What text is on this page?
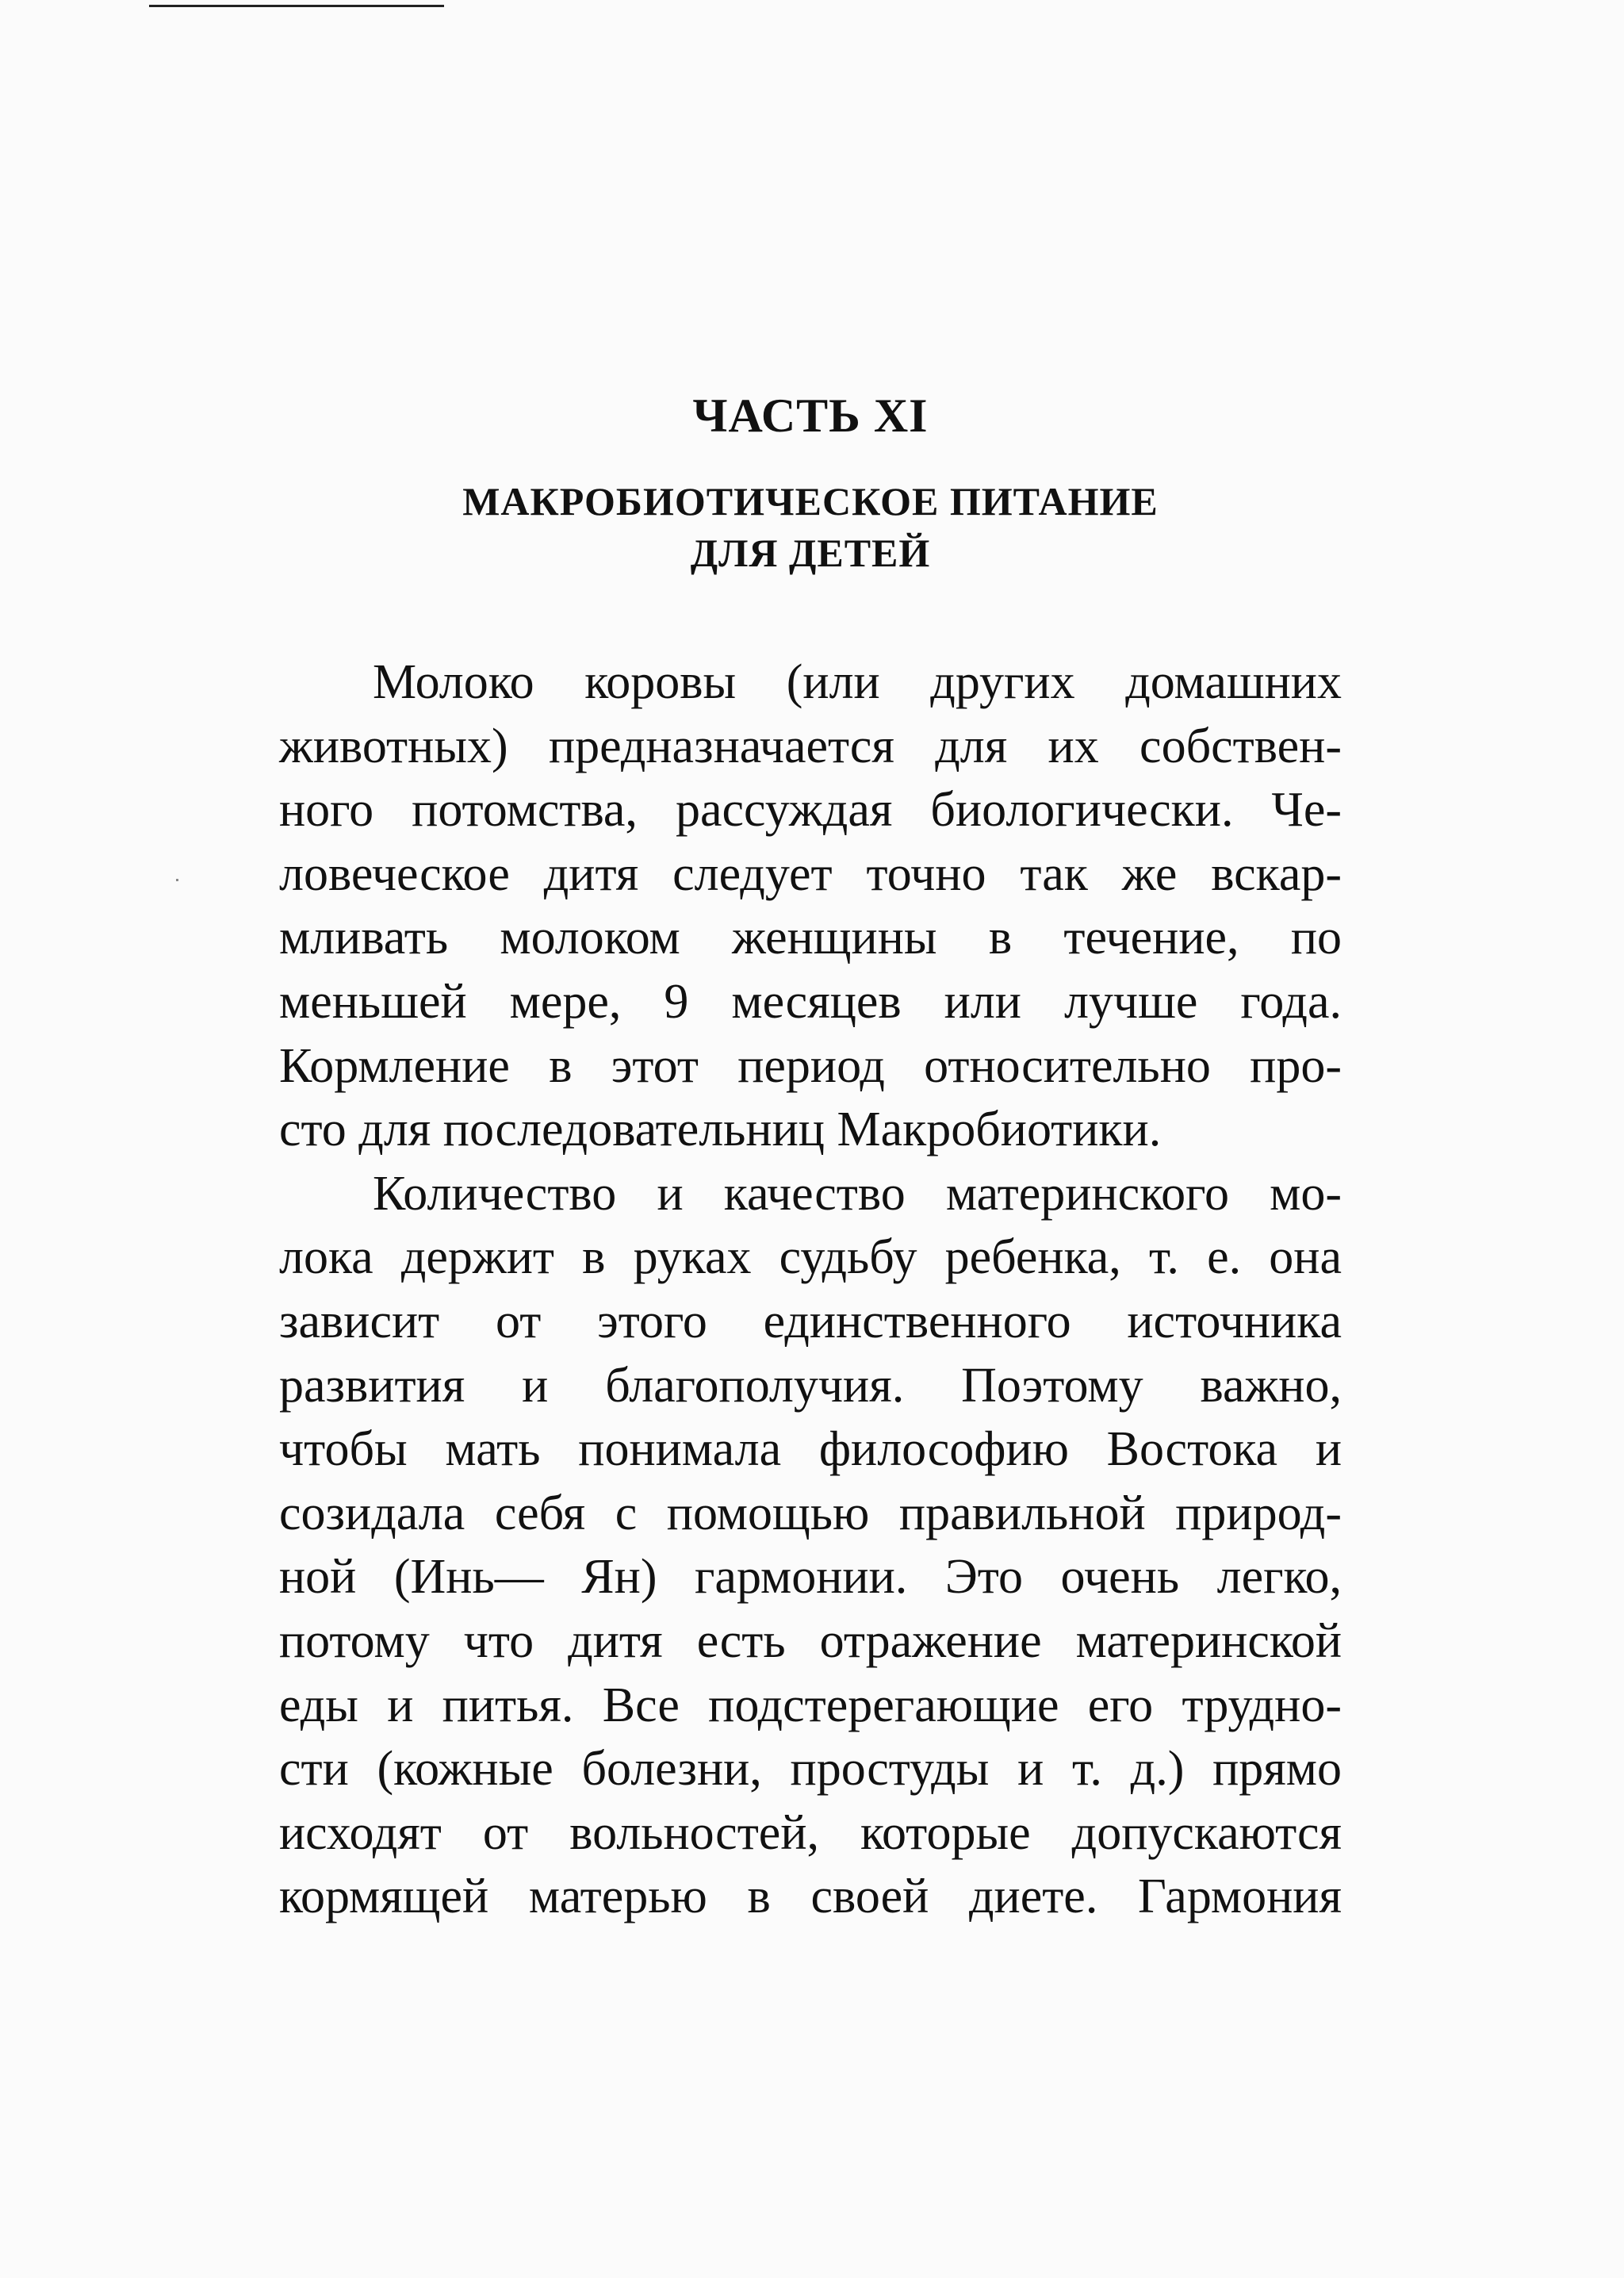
ЧАСТЬ XI
МАКРОБИОТИЧЕСКОЕ ПИТАНИЕ
ДЛЯ ДЕТЕЙ
Молоко коровы (или других домашних
животных) предназначается для их собствен-
ного потомства, рассуждая биологически. Че-
ловеческое дитя следует точно так же вскар-
мливать молоком женщины в течение, по
меньшей мере, 9 месяцев или лучше года.
Кормление в этот период относительно про-
сто для последовательниц Макробиотики.
Количество и качество материнского мо-
лока держит в руках судьбу ребенка, т. е. она
зависит от этого единственного источника
развития и благополучия. Поэтому важно,
чтобы мать понимала философию Востока и
созидала себя с помощью правильной природ-
ной (Инь— Ян) гармонии. Это очень легко,
потому что дитя есть отражение материнской
еды и питья. Все подстерегающие его трудно-
сти (кожные болезни, простуды и т. д.) прямо
исходят от вольностей, которые допускаются
кормящей матерью в своей диете. Гармония
